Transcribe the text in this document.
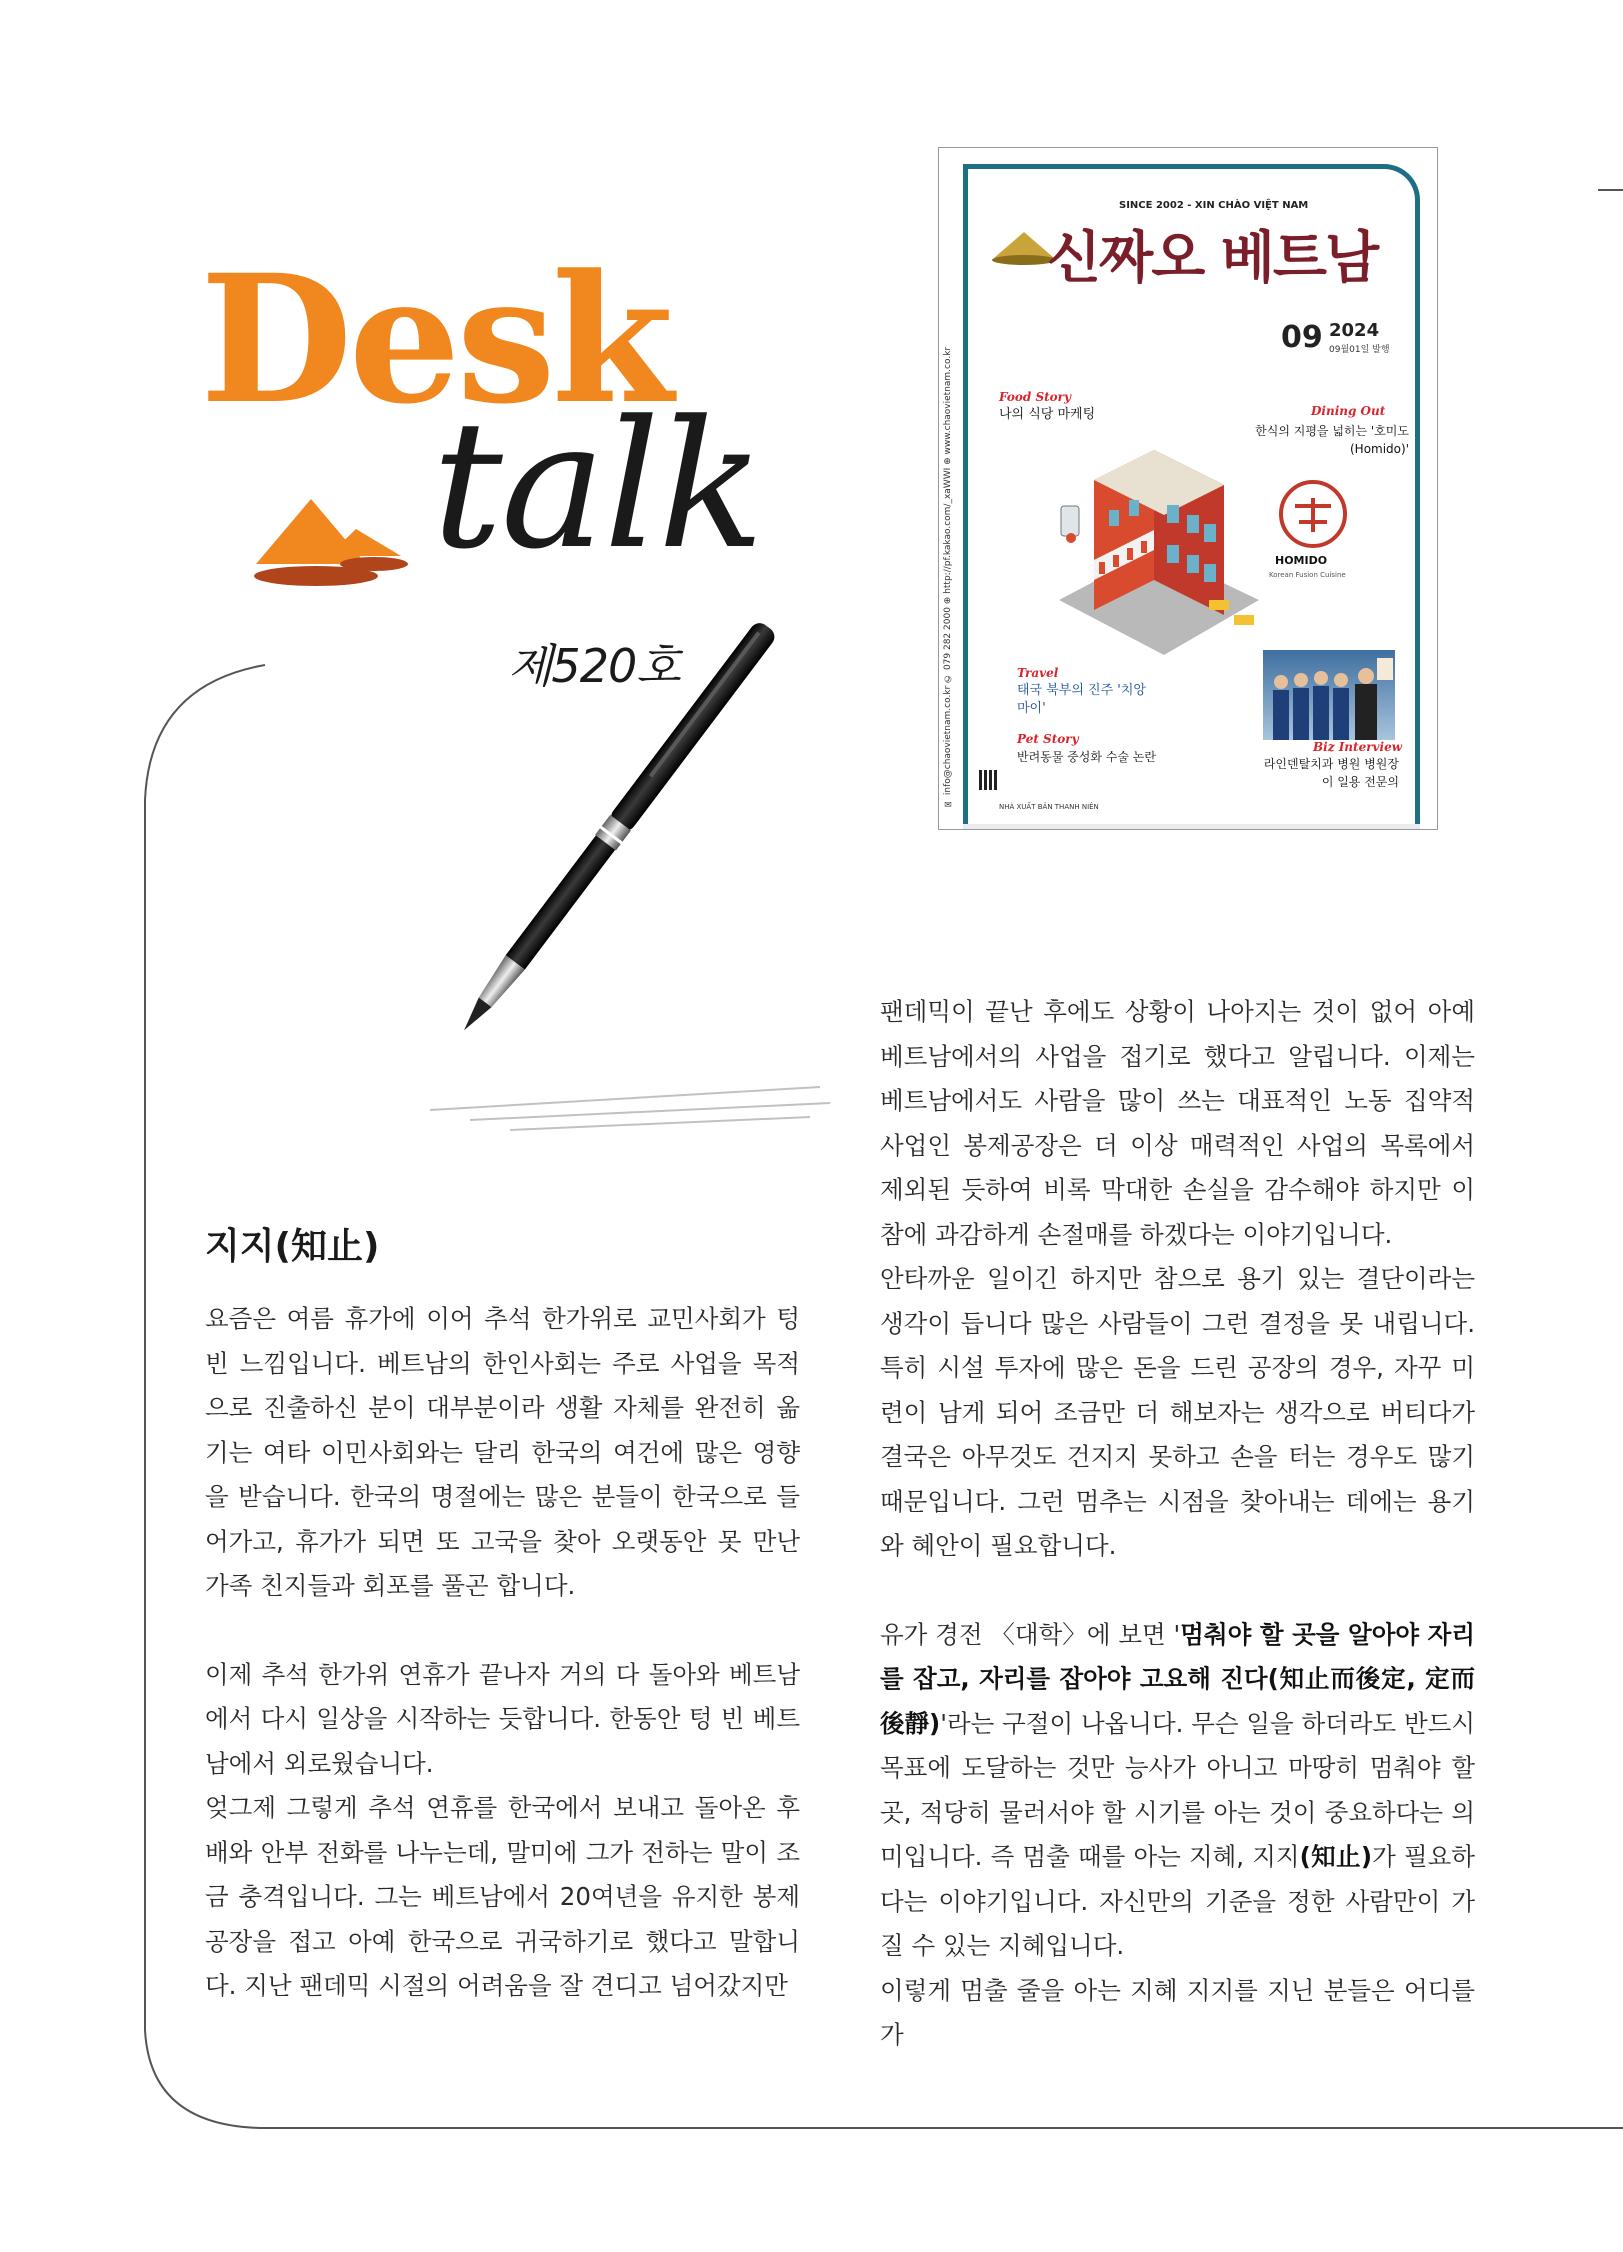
Desk
talk
제520호	✉ info@chaovietnam.co.kr ✆ 079 282 2000 ⊕ http://pf.kakao.com/_xaWWI ⊕ www.chaovietnam.co.kr
SINCE 2002 - XIN CHÀO VIỆT NAM
신짜오 베트남
09 2024
09월01일 발행
Food Story
나의 식당 마케팅	Dining Out
한식의 지평을 넓히는 '호미도(Homido)'
HOMIDO
Korean Fusion Cuisine
Travel
태국 북부의 진주 '치앙마이'
Pet Story
반려동물 중성화 수술 논란
Biz Interview
라인덴탈치과 병원 병원장 이 일용 전문의
NHÀ XUẤT BẢN THANH NIÊN
지지(知止)

요즘은 여름 휴가에 이어 추석 한가위로 교민사회가 텅 빈 느낌입니다. 베트남의 한인사회는 주로 사업을 목적으로 진출하신 분이 대부분이라 생활 자체를 완전히 옮기는 여타 이민사회와는 달리 한국의 여건에 많은 영향을 받습니다. 한국의 명절에는 많은 분들이 한국으로 들어가고, 휴가가 되면 또 고국을 찾아 오랫동안 못 만난 가족 친지들과 회포를 풀곤 합니다.

이제 추석 한가위 연휴가 끝나자 거의 다 돌아와 베트남에서 다시 일상을 시작하는 듯합니다. 한동안 텅 빈 베트남에서 외로웠습니다.

엊그제 그렇게 추석 연휴를 한국에서 보내고 돌아온 후배와 안부 전화를 나누는데, 말미에 그가 전하는 말이 조금 충격입니다. 그는 베트남에서 20여년을 유지한 봉제공장을 접고 아예 한국으로 귀국하기로 했다고 말합니다. 지난 팬데믹 시절의 어려움을 잘 견디고 넘어갔지만

팬데믹이 끝난 후에도 상황이 나아지는 것이 없어 아예 베트남에서의 사업을 접기로 했다고 알립니다. 이제는 베트남에서도 사람을 많이 쓰는 대표적인 노동 집약적 사업인 봉제공장은 더 이상 매력적인 사업의 목록에서 제외된 듯하여 비록 막대한 손실을 감수해야 하지만 이참에 과감하게 손절매를 하겠다는 이야기입니다.

안타까운 일이긴 하지만 참으로 용기 있는 결단이라는 생각이 듭니다 많은 사람들이 그런 결정을 못 내립니다. 특히 시설 투자에 많은 돈을 드린 공장의 경우, 자꾸 미련이 남게 되어 조금만 더 해보자는 생각으로 버티다가 결국은 아무것도 건지지 못하고 손을 터는 경우도 많기 때문입니다. 그런 멈추는 시점을 찾아내는 데에는 용기와 혜안이 필요합니다.

유가 경전 〈대학〉에 보면 '멈춰야 할 곳을 알아야 자리를 잡고, 자리를 잡아야 고요해 진다(知止而後定, 定而後靜)'라는 구절이 나옵니다. 무슨 일을 하더라도 반드시 목표에 도달하는 것만 능사가 아니고 마땅히 멈춰야 할 곳, 적당히 물러서야 할 시기를 아는 것이 중요하다는 의미입니다. 즉 멈출 때를 아는 지혜, 지지(知止)가 필요하다는 이야기입니다. 자신만의 기준을 정한 사람만이 가질 수 있는 지혜입니다.

이렇게 멈출 줄을 아는 지혜 지지를 지닌 분들은 어디를 가
